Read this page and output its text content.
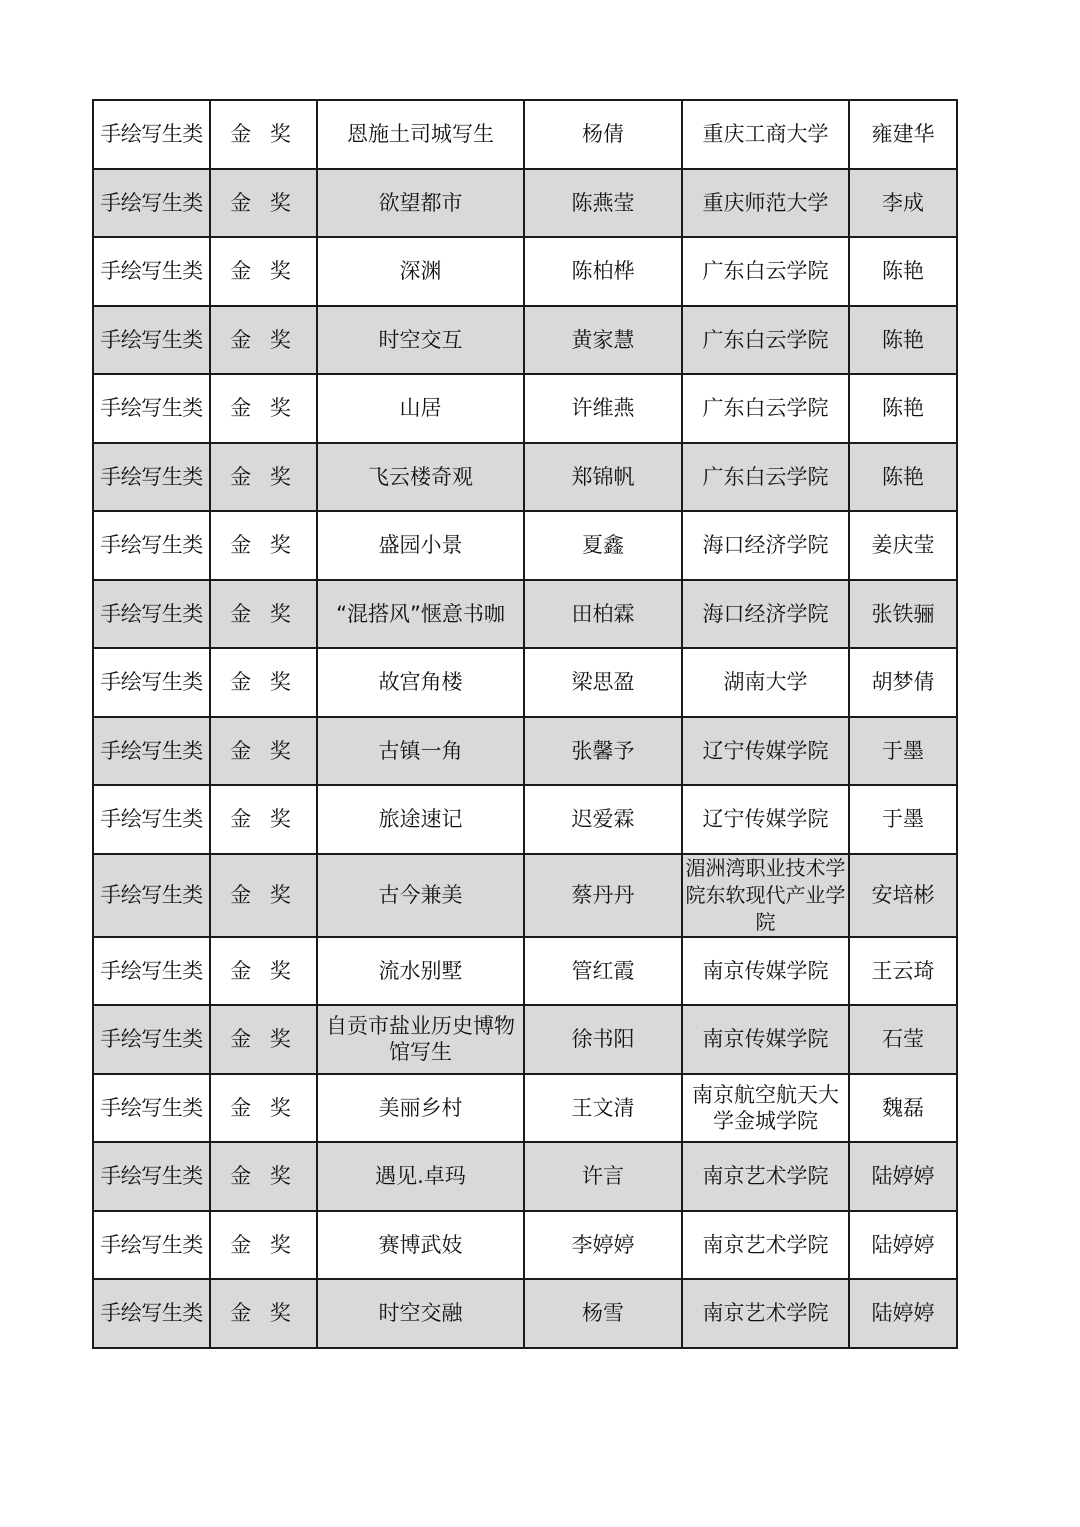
手绘写生类	金 奖	恩施土司城写生	杨倩	重庆工商大学	雍建华
手绘写生类	金 奖	欲望都市	陈燕莹	重庆师范大学	李成
手绘写生类	金 奖	深渊	陈柏桦	广东白云学院	陈艳
手绘写生类	金 奖	时空交互	黄家慧	广东白云学院	陈艳
手绘写生类	金 奖	山居	许维燕	广东白云学院	陈艳
手绘写生类	金 奖	飞云楼奇观	郑锦帆	广东白云学院	陈艳
手绘写生类	金 奖	盛园小景	夏鑫	海口经济学院	姜庆莹
手绘写生类	金 奖	“混搭风”惬意书咖	田柏霖	海口经济学院	张铁骊
手绘写生类	金 奖	故宫角楼	梁思盈	湖南大学	胡梦倩
手绘写生类	金 奖	古镇一角	张馨予	辽宁传媒学院	于墨
手绘写生类	金 奖	旅途速记	迟爱霖	辽宁传媒学院	于墨
手绘写生类	金 奖	古今兼美	蔡丹丹	湄洲湾职业技术学院东软现代产业学院	安培彬
手绘写生类	金 奖	流水别墅	管红霞	南京传媒学院	王云琦
手绘写生类	金 奖	自贡市盐业历史博物馆写生	徐书阳	南京传媒学院	石莹
手绘写生类	金 奖	美丽乡村	王文清	南京航空航天大学金城学院	魏磊
手绘写生类	金 奖	遇见.卓玛	许言	南京艺术学院	陆婷婷
手绘写生类	金 奖	赛博武妓	李婷婷	南京艺术学院	陆婷婷
手绘写生类	金 奖	时空交融	杨雪	南京艺术学院	陆婷婷
